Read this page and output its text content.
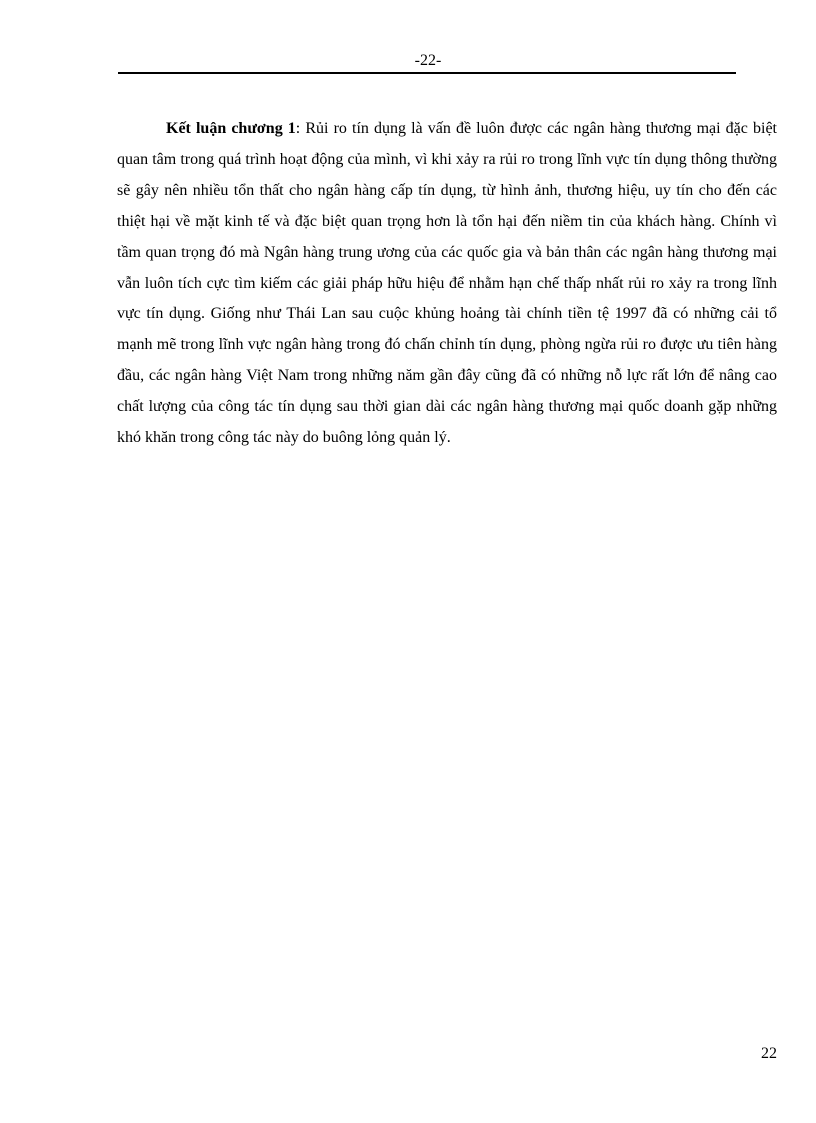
-22-

Kết luận chương 1: Rủi ro tín dụng là vấn đề luôn được các ngân hàng thương mại đặc biệt quan tâm trong quá trình hoạt động của mình, vì khi xảy ra rủi ro trong lĩnh vực tín dụng thông thường sẽ gây nên nhiều tổn thất cho ngân hàng cấp tín dụng, từ hình ảnh, thương hiệu, uy tín cho đến các thiệt hại về mặt kinh tế và đặc biệt quan trọng hơn là tổn hại đến niềm tin của khách hàng. Chính vì tầm quan trọng đó mà Ngân hàng trung ương của các quốc gia và bản thân các ngân hàng thương mại vẫn luôn tích cực tìm kiếm các giải pháp hữu hiệu để nhằm hạn chế thấp nhất rủi ro xảy ra trong lĩnh vực tín dụng. Giống như Thái Lan sau cuộc khủng hoảng tài chính tiền tệ 1997 đã có những cải tổ mạnh mẽ trong lĩnh vực ngân hàng trong đó chấn chỉnh tín dụng, phòng ngừa rủi ro được ưu tiên hàng đầu, các ngân hàng Việt Nam trong những năm gần đây cũng đã có những nỗ lực rất lớn để nâng cao chất lượng của công tác tín dụng sau thời gian dài các ngân hàng thương mại quốc doanh gặp những khó khăn trong công tác này do buông lỏng quản lý.

22
